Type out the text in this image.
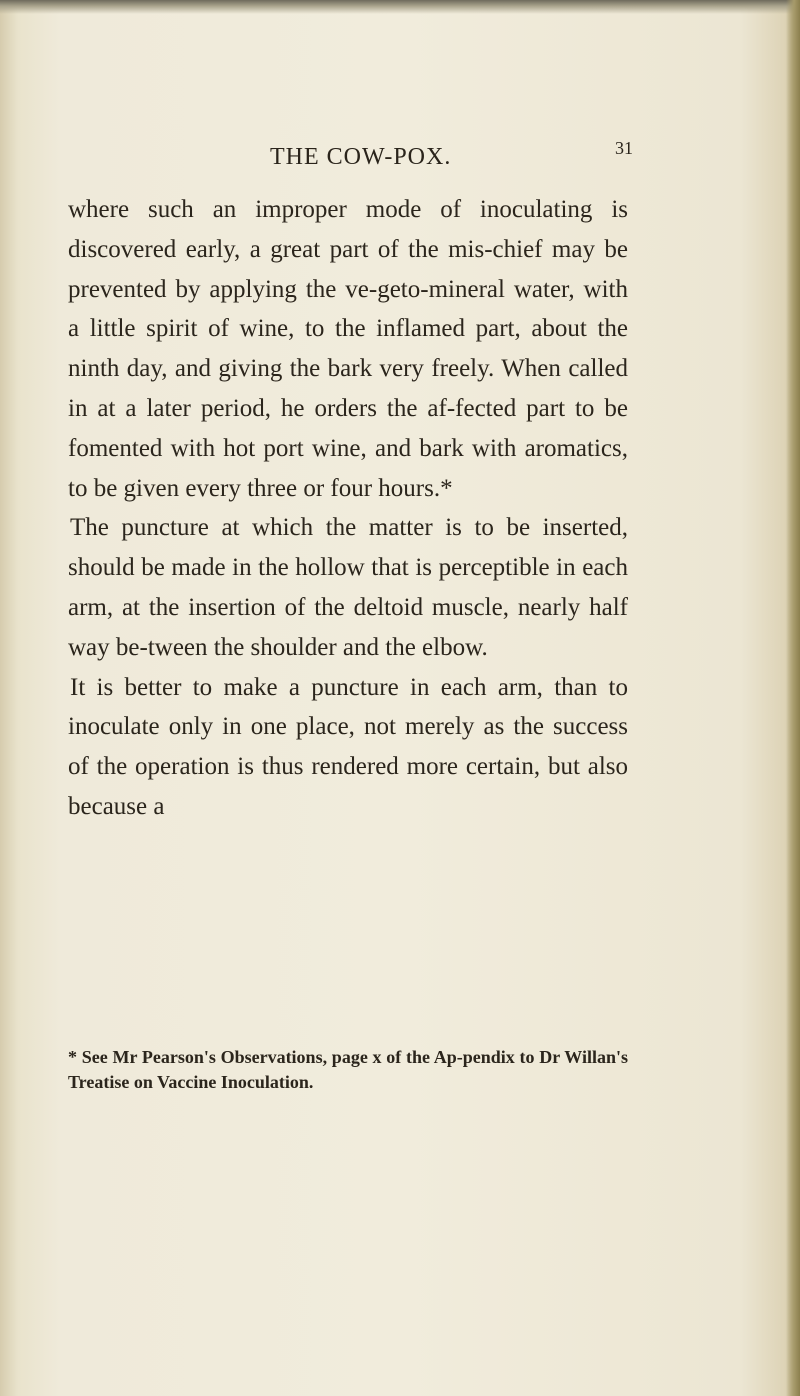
THE COW-POX.	31

where such an improper mode of inoculating is discovered early, a great part of the mis-chief may be prevented by applying the ve-geto-mineral water, with a little spirit of wine, to the inflamed part, about the ninth day, and giving the bark very freely. When called in at a later period, he orders the af-fected part to be fomented with hot port wine, and bark with aromatics, to be given every three or four hours.*

The puncture at which the matter is to be inserted, should be made in the hollow that is perceptible in each arm, at the insertion of the deltoid muscle, nearly half way be-tween the shoulder and the elbow.

It is better to make a puncture in each arm, than to inoculate only in one place, not merely as the success of the operation is thus rendered more certain, but also because a

* See Mr Pearson's Observations, page x of the Ap-pendix to Dr Willan's Treatise on Vaccine Inoculation.
